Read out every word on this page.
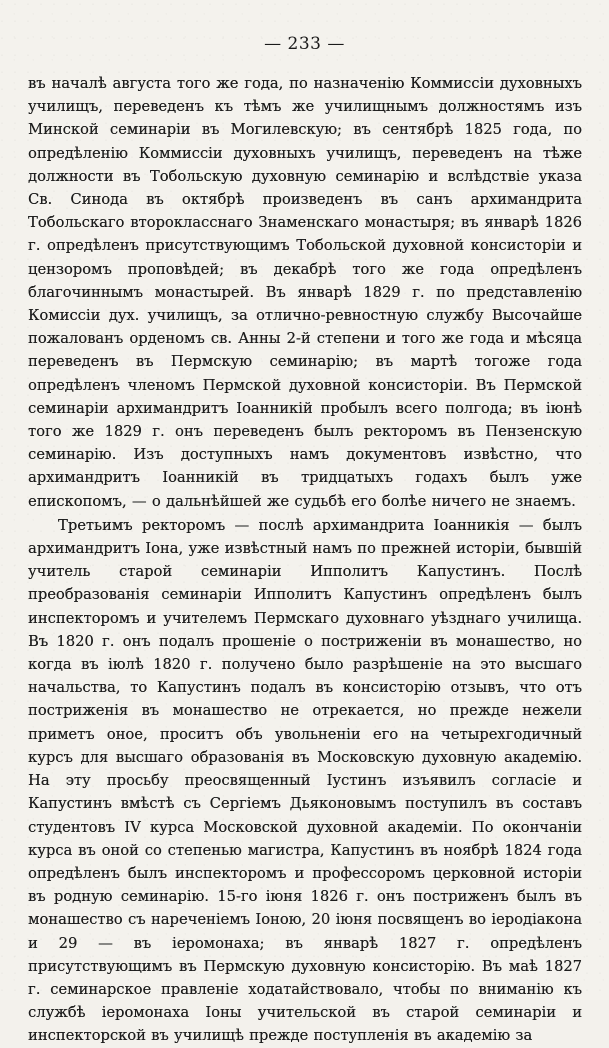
— 233 —

въ началѣ августа того же года, по назначенію Коммиссіи духовныхъ училищъ, переведенъ къ тѣмъ же училищнымъ должностямъ изъ Минской семинаріи въ Могилевскую; въ сентябрѣ 1825 года, по опредѣленію Коммиссіи духовныхъ училищъ, переведенъ на тѣже должности въ Тобольскую духовную семинарію и вслѣдствіе указа Св. Синода въ октябрѣ произведенъ въ санъ архимандрита Тобольскаго второкласснаго Знаменскаго монастыря; въ январѣ 1826 г. опредѣленъ присутствующимъ Тобольской духовной консисторіи и цензоромъ проповѣдей; въ декабрѣ того же года опредѣленъ благочиннымъ монастырей. Въ январѣ 1829 г. по представленію Комиссіи дух. училищъ, за отлично-ревностную службу Высочайше пожалованъ орденомъ св. Анны 2-й степени и того же года и мѣсяца переведенъ въ Пермскую семинарію; въ мартѣ тогоже года опредѣленъ членомъ Пермской духовной консисторіи. Въ Пермской семинаріи архимандритъ Іоанникій пробылъ всего полгода; въ іюнѣ того же 1829 г. онъ переведенъ былъ ректоромъ въ Пензенскую семинарію. Изъ доступныхъ намъ документовъ извѣстно, что архимандритъ Іоанникій въ тридцатыхъ годахъ былъ уже епископомъ, — о дальнѣйшей же судьбѣ его болѣе ничего не знаемъ.

Третьимъ ректоромъ — послѣ архимандрита Іоанникія — былъ архимандритъ Іона, уже извѣстный намъ по прежней исторіи, бывшій учитель старой семинаріи Ипполитъ Капустинъ. Послѣ преобразованія семинаріи Ипполитъ Капустинъ опредѣленъ былъ инспекторомъ и учителемъ Пермскаго духовнаго уѣзднаго училища. Въ 1820 г. онъ подалъ прошеніе о постриженіи въ монашество, но когда въ іюлѣ 1820 г. получено было разрѣшеніе на это высшаго начальства, то Капустинъ подалъ въ консисторію отзывъ, что отъ постриженія въ монашество не отрекается, но прежде нежели приметъ оное, проситъ объ увольненіи его на четырехгодичный курсъ для высшаго образованія въ Московскую духовную академію. На эту просьбу преосвященный Іустинъ изъявилъ согласіе и Капустинъ вмѣстѣ съ Сергіемъ Дьяконовымъ поступилъ въ составъ студентовъ IV курса Московской духовной академіи. По окончаніи курса въ оной со степенью магистра, Капустинъ въ ноябрѣ 1824 года опредѣленъ былъ инспекторомъ и профессоромъ церковной исторіи въ родную семинарію. 15-го іюня 1826 г. онъ постриженъ былъ въ монашество съ нареченіемъ Іоною, 20 іюня посвященъ во іеродіакона и 29 — въ іеромонаха; въ январѣ 1827 г. опредѣленъ присутствующимъ въ Пермскую духовную консисторію. Въ маѣ 1827 г. семинарское правленіе ходатайствовало, чтобы по вниманію къ службѣ іеромонаха Іоны учительской въ старой семинаріи и инспекторской въ училищѣ прежде поступленія въ академію за
